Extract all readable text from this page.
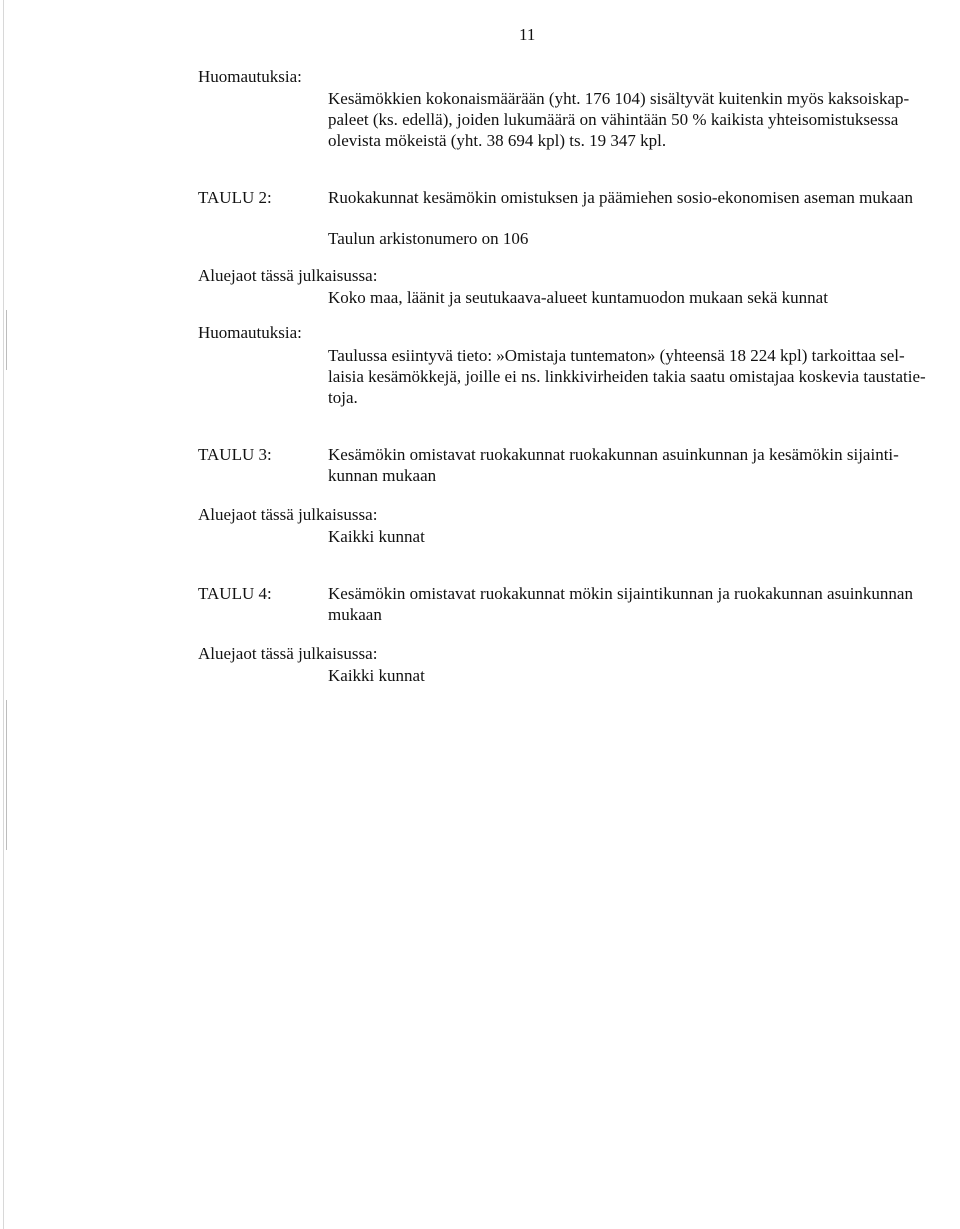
11
Huomautuksia:
Kesämökkien kokonaismäärään (yht. 176 104) sisältyvät kuitenkin myös kaksoiskap-
paleet (ks. edellä), joiden lukumäärä on vähintään 50 % kaikista yhteisomistuksessa
olevista mökeistä (yht. 38 694 kpl) ts. 19 347 kpl.
TAULU 2:	Ruokakunnat kesämökin omistuksen ja päämiehen sosio-ekonomisen aseman mukaan
Taulun arkistonumero on 106
Aluejaot tässä julkaisussa:
Koko maa, läänit ja seutukaava-alueet kuntamuodon mukaan sekä kunnat
Huomautuksia:
Taulussa esiintyvä tieto: »Omistaja tuntematon» (yhteensä 18 224 kpl) tarkoittaa sel-
laisia kesämökkejä, joille ei ns. linkkivirheiden takia saatu omistajaa koskevia taustatie-
toja.
TAULU 3:	Kesämökin omistavat ruokakunnat ruokakunnan asuinkunnan ja kesämökin sijainti-
kunnan mukaan
Aluejaot tässä julkaisussa:
Kaikki kunnat
TAULU 4:	Kesämökin omistavat ruokakunnat mökin sijaintikunnan ja ruokakunnan asuinkunnan
mukaan
Aluejaot tässä julkaisussa:
Kaikki kunnat
